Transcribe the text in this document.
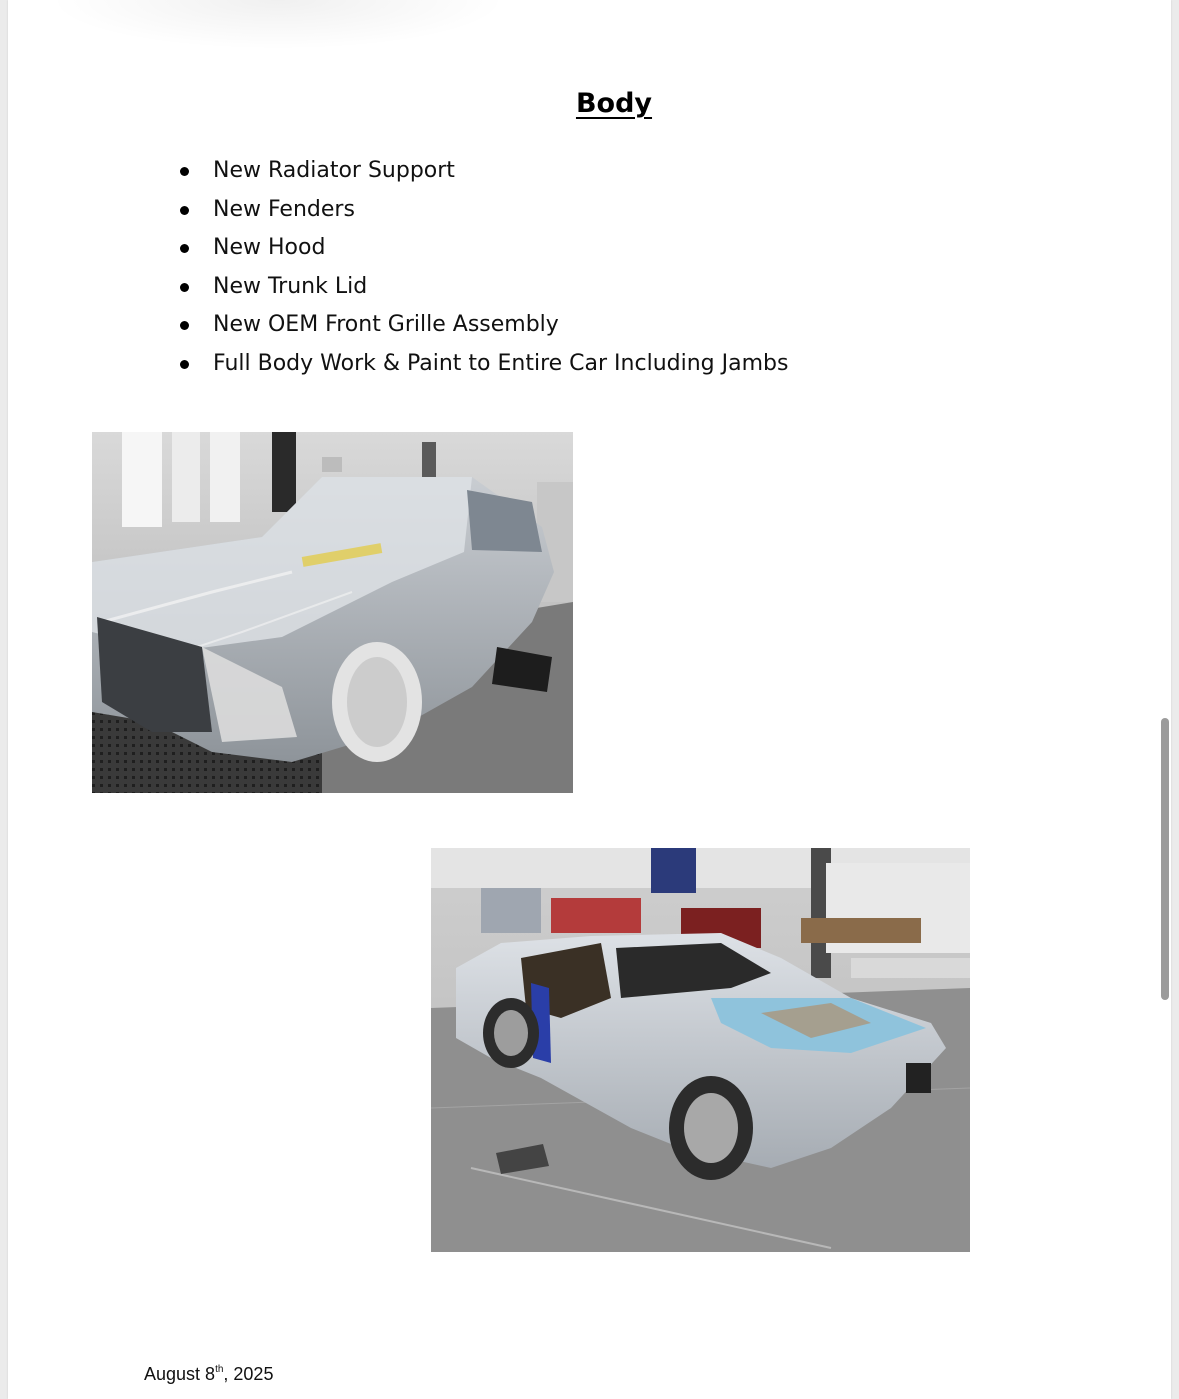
Body
New Radiator Support
New Fenders
New Hood
New Trunk Lid
New OEM Front Grille Assembly
Full Body Work & Paint to Entire Car Including Jambs
August 8th, 2025
